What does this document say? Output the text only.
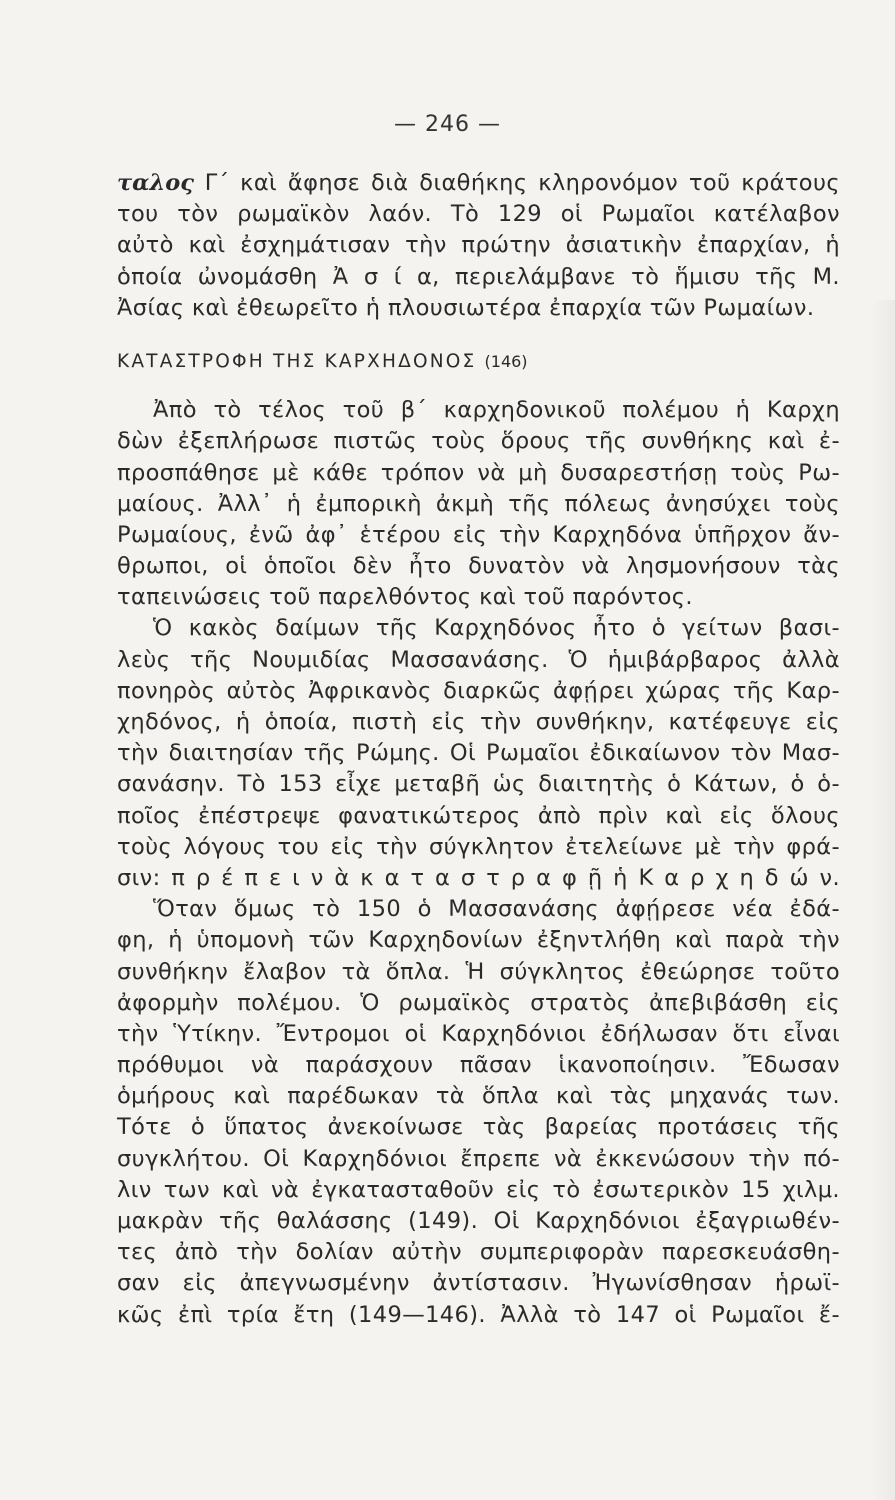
— 246 —
ταλος Γ΄ καὶ ἄφησε διὰ διαθήκης κληρονόμον τοῦ κράτους
του τὸν ρωμαϊκὸν λαόν. Τὸ 129 οἱ Ρωμαῖοι κατέλαβον
αὐτὸ καὶ ἐσχημάτισαν τὴν πρώτην ἀσιατικὴν ἐπαρχίαν, ἡ
ὁποία ὠνομάσθη Ἀ σ ί α, περιελάμβανε τὸ ἥμισυ τῆς Μ.
Ἀσίας καὶ ἐθεωρεῖτο ἡ πλουσιωτέρα ἐπαρχία τῶν Ρωμαίων.
ΚΑΤΑΣΤΡΟΦΗ ΤΗΣ ΚΑΡΧΗΔΟΝΟΣ (146)
Ἀπὸ τὸ τέλος τοῦ β΄ καρχηδονικοῦ πολέμου ἡ Καρχη
δὼν ἐξεπλήρωσε πιστῶς τοὺς ὅρους τῆς συνθήκης καὶ ἐ-
προσπάθησε μὲ κάθε τρόπον νὰ μὴ δυσαρεστήσῃ τοὺς Ρω-
μαίους. Ἀλλ᾽ ἡ ἐμπορικὴ ἀκμὴ τῆς πόλεως ἀνησύχει τοὺς
Ρωμαίους, ἐνῶ ἀφ᾽ ἑτέρου εἰς τὴν Καρχηδόνα ὑπῆρχον ἄν-
θρωποι, οἱ ὁποῖοι δὲν ἦτο δυνατὸν νὰ λησμονήσουν τὰς
ταπεινώσεις τοῦ παρελθόντος καὶ τοῦ παρόντος.
Ὁ κακὸς δαίμων τῆς Καρχηδόνος ἦτο ὁ γείτων βασι-
λεὺς τῆς Νουμιδίας Μασσανάσης. Ὁ ἡμιβάρβαρος ἀλλὰ
πονηρὸς αὐτὸς Ἀφρικανὸς διαρκῶς ἀφῄρει χώρας τῆς Καρ-
χηδόνος, ἡ ὁποία, πιστὴ εἰς τὴν συνθήκην, κατέφευγε εἰς
τὴν διαιτησίαν τῆς Ρώμης. Οἱ Ρωμαῖοι ἐδικαίωνον τὸν Μασ-
σανάσην. Τὸ 153 εἶχε μεταβῆ ὡς διαιτητὴς ὁ Κάτων, ὁ ὁ-
ποῖος ἐπέστρεψε φανατικώτερος ἀπὸ πρὶν καὶ εἰς ὅλους
τοὺς λόγους του εἰς τὴν σύγκλητον ἐτελείωνε μὲ τὴν φρά-
σιν: π ρ έ π ε ι ν ὰ κ α τ α σ τ ρ α φ ῇ ἡ Κ α ρ χ η δ ώ ν.
Ὅταν ὅμως τὸ 150 ὁ Μασσανάσης ἀφῄρεσε νέα ἐδά-
φη, ἡ ὑπομονὴ τῶν Καρχηδονίων ἐξηντλήθη καὶ παρὰ τὴν
συνθήκην ἔλαβον τὰ ὅπλα. Ἡ σύγκλητος ἐθεώρησε τοῦτο
ἀφορμὴν πολέμου. Ὁ ρωμαϊκὸς στρατὸς ἀπεβιβάσθη εἰς
τὴν Ὑτίκην. Ἔντρομοι οἱ Καρχηδόνιοι ἐδήλωσαν ὅτι εἶναι
πρόθυμοι νὰ παράσχουν πᾶσαν ἱκανοποίησιν. Ἔδωσαν
ὁμήρους καὶ παρέδωκαν τὰ ὅπλα καὶ τὰς μηχανάς των.
Τότε ὁ ὕπατος ἀνεκοίνωσε τὰς βαρείας προτάσεις τῆς
συγκλήτου. Οἱ Καρχηδόνιοι ἔπρεπε νὰ ἐκκενώσουν τὴν πό-
λιν των καὶ νὰ ἐγκατασταθοῦν εἰς τὸ ἐσωτερικὸν 15 χιλμ.
μακρὰν τῆς θαλάσσης (149). Οἱ Καρχηδόνιοι ἐξαγριωθέν-
τες ἀπὸ τὴν δολίαν αὐτὴν συμπεριφορὰν παρεσκευάσθη-
σαν εἰς ἀπεγνωσμένην ἀντίστασιν. Ἠγωνίσθησαν ἡρωϊ-
κῶς ἐπὶ τρία ἔτη (149—146). Ἀλλὰ τὸ 147 οἱ Ρωμαῖοι ἔ-
